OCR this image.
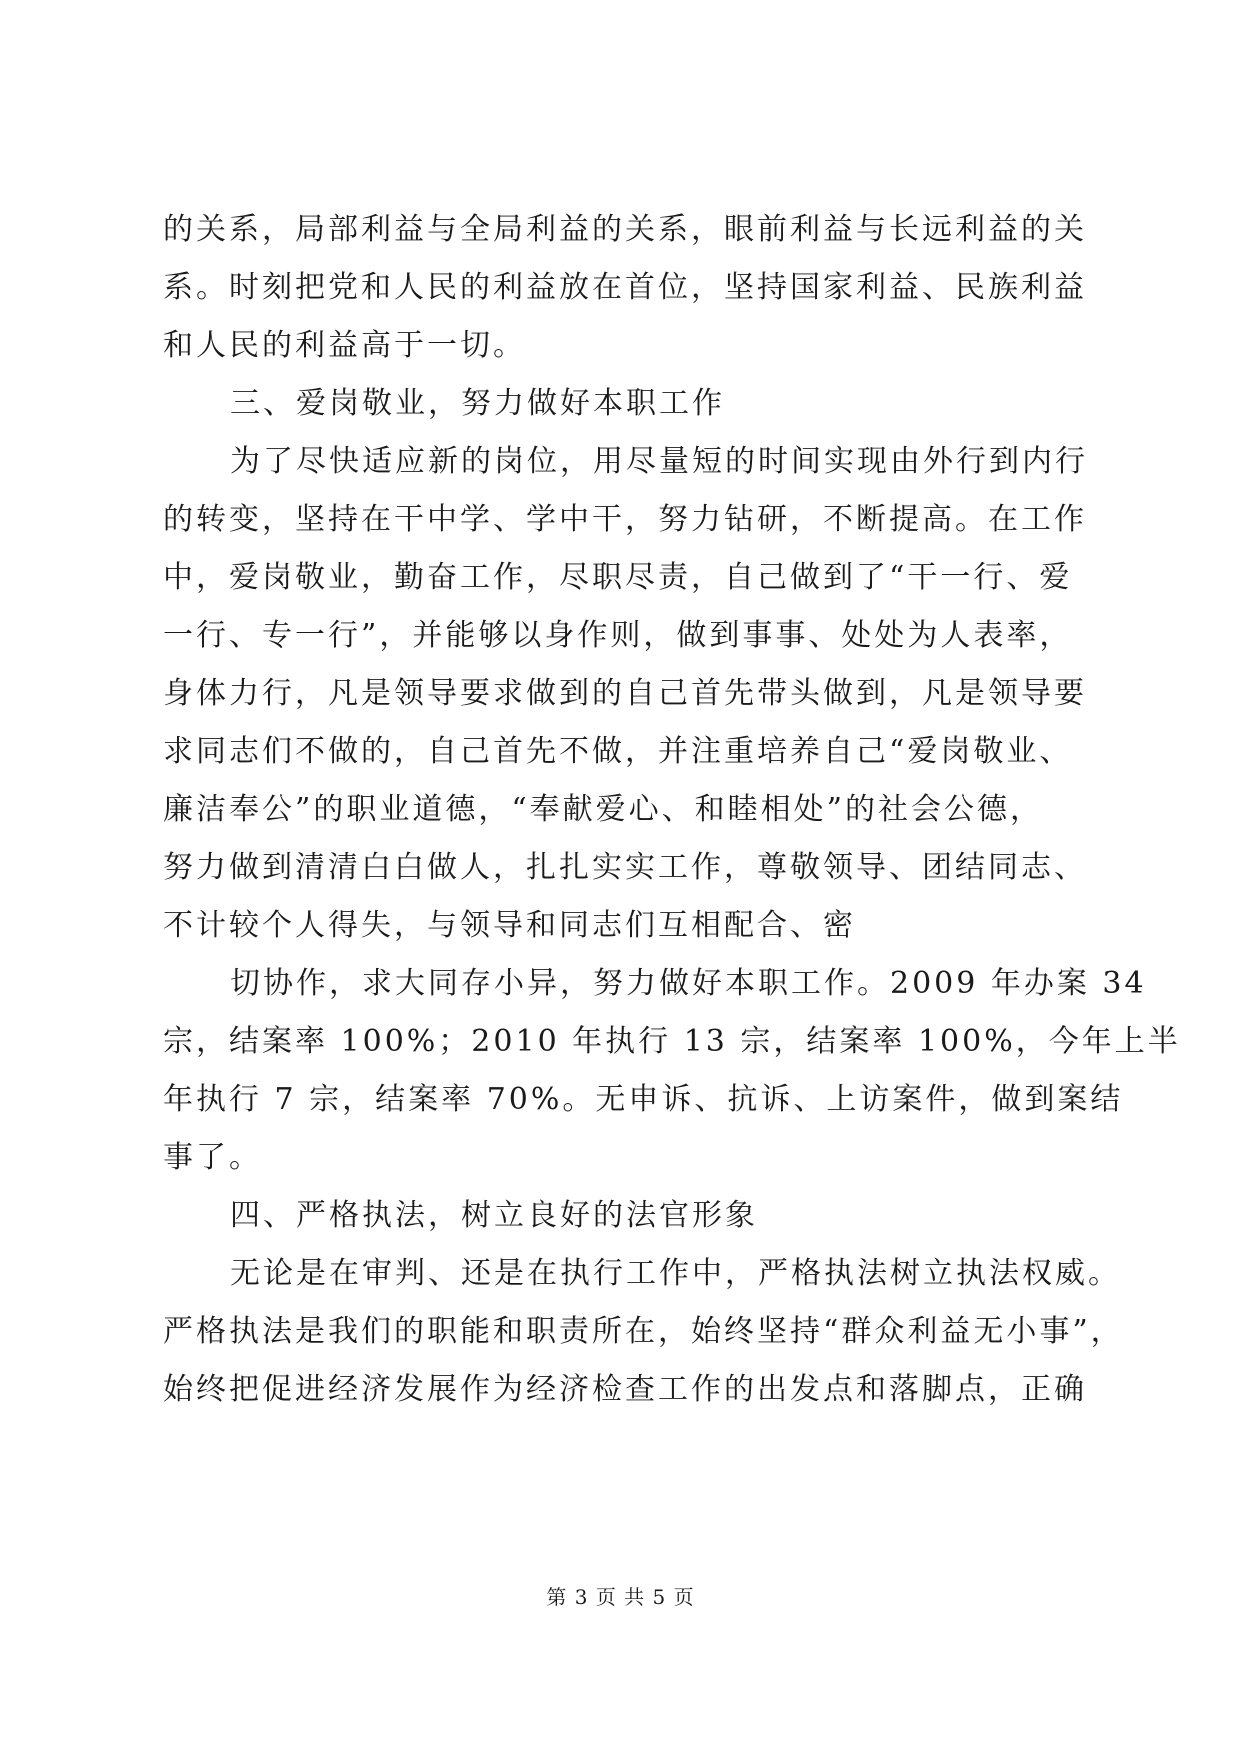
的关系，局部利益与全局利益的关系，眼前利益与长远利益的关
系。时刻把党和人民的利益放在首位，坚持国家利益、民族利益
和人民的利益高于一切。
三、爱岗敬业，努力做好本职工作
为了尽快适应新的岗位，用尽量短的时间实现由外行到内行
的转变，坚持在干中学、学中干，努力钻研，不断提高。在工作
中，爱岗敬业，勤奋工作，尽职尽责，自己做到了“干一行、爱
一行、专一行”，并能够以身作则，做到事事、处处为人表率，
身体力行，凡是领导要求做到的自己首先带头做到，凡是领导要
求同志们不做的，自己首先不做，并注重培养自己“爱岗敬业、
廉洁奉公”的职业道德，“奉献爱心、和睦相处”的社会公德，
努力做到清清白白做人，扎扎实实工作，尊敬领导、团结同志、
不计较个人得失，与领导和同志们互相配合、密
切协作，求大同存小异，努力做好本职工作。2009 年办案 34
宗，结案率 100%；2010 年执行 13 宗，结案率 100%，今年上半
年执行 7 宗，结案率 70%。无申诉、抗诉、上访案件，做到案结
事了。
四、严格执法，树立良好的法官形象
无论是在审判、还是在执行工作中，严格执法树立执法权威。
严格执法是我们的职能和职责所在，始终坚持“群众利益无小事”，
始终把促进经济发展作为经济检查工作的出发点和落脚点，正确
第 3 页 共 5 页
